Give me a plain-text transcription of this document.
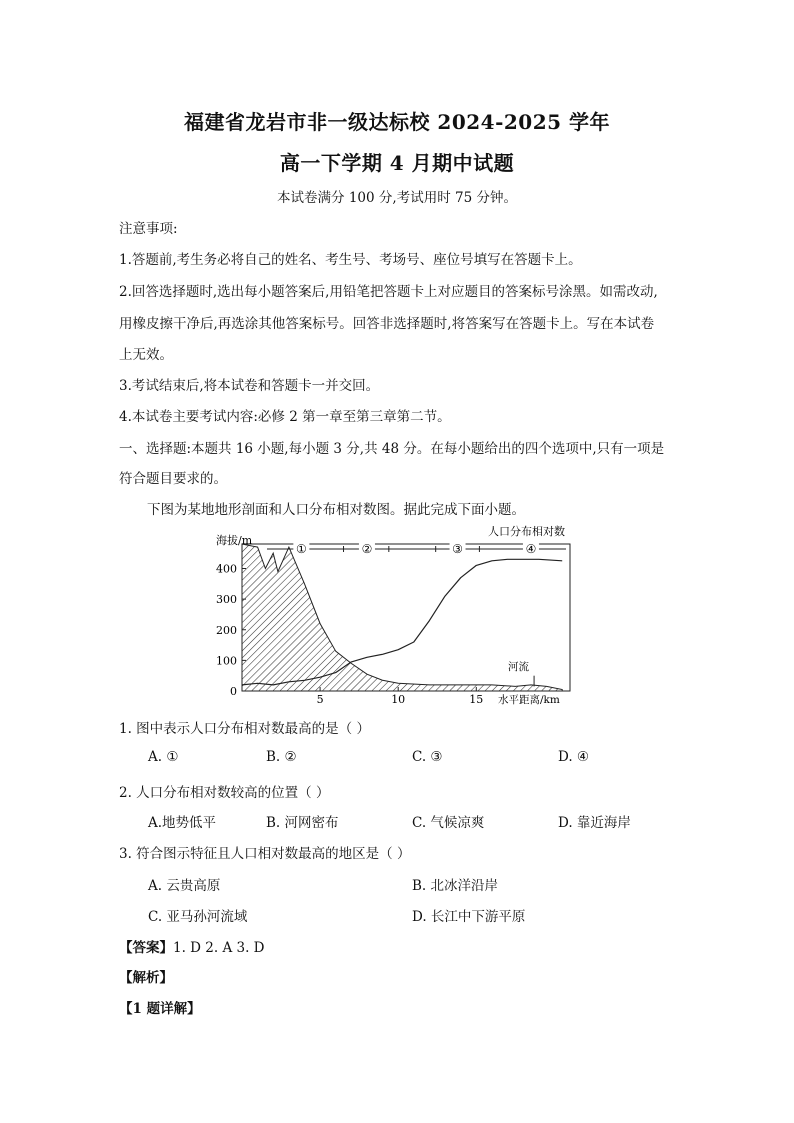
福建省龙岩市非一级达标校 2024-2025 学年
高一下学期 4 月期中试题
本试卷满分 100 分,考试用时 75 分钟。
注意事项:
1.答题前,考生务必将自己的姓名、考生号、考场号、座位号填写在答题卡上。
2.回答选择题时,选出每小题答案后,用铅笔把答题卡上对应题目的答案标号涂黑。如需改动,
用橡皮擦干净后,再选涂其他答案标号。回答非选择题时,将答案写在答题卡上。写在本试卷
上无效。
3.考试结束后,将本试卷和答题卡一并交回。
4.本试卷主要考试内容:必修 2 第一章至第三章第二节。
一、选择题:本题共 16 小题,每小题 3 分,共 48 分。在每小题给出的四个选项中,只有一项是
符合题目要求的。
下图为某地地形剖面和人口分布相对数图。据此完成下面小题。
400
300
200
100
0
5	10	15
①	②	③	④
海拔/m
人口分布相对数
河流
水平距离/km
1. 图中表示人口分布相对数最高的是（ ）
A. ①	B. ②	C. ③	D. ④
2. 人口分布相对数较高的位置（ ）
A.地势低平	B. 河网密布	C. 气候凉爽	D. 靠近海岸
3. 符合图示特征且人口相对数最高的地区是（ ）
A. 云贵高原	B. 北冰洋沿岸
C. 亚马孙河流域	D. 长江中下游平原
【答案】1. D 2. A 3. D
【解析】
【1 题详解】
